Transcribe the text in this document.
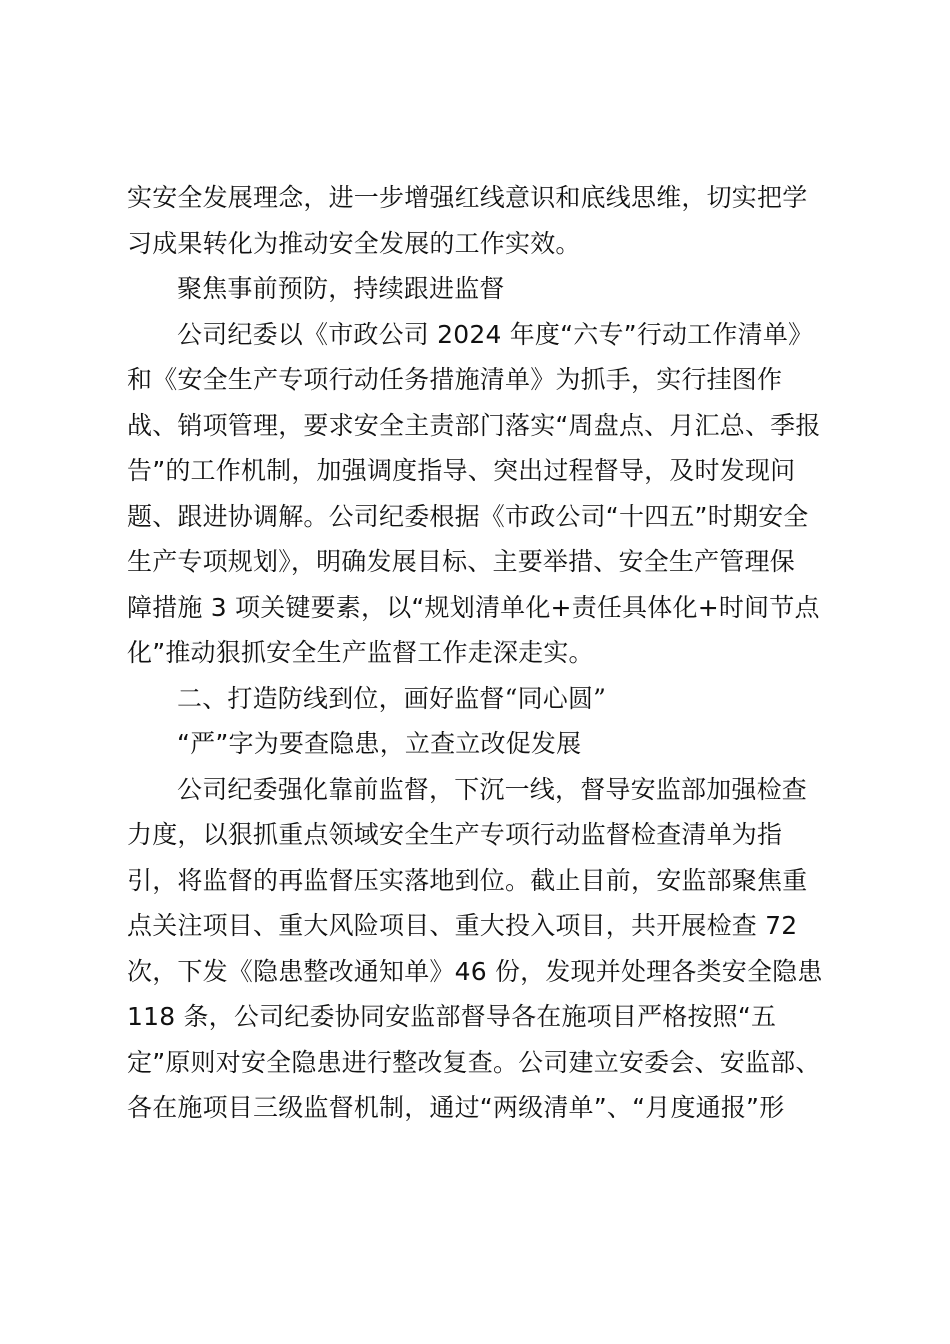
实安全发展理念，进一步增强红线意识和底线思维，切实把学
习成果转化为推动安全发展的工作实效。
聚焦事前预防，持续跟进监督
公司纪委以《市政公司 2024 年度“六专”行动工作清单》
和《安全生产专项行动任务措施清单》为抓手，实行挂图作
战、销项管理，要求安全主责部门落实“周盘点、月汇总、季报
告”的工作机制，加强调度指导、突出过程督导，及时发现问
题、跟进协调解。公司纪委根据《市政公司“十四五”时期安全
生产专项规划》，明确发展目标、主要举措、安全生产管理保
障措施 3 项关键要素，以“规划清单化+责任具体化+时间节点
化”推动狠抓安全生产监督工作走深走实。
二、打造防线到位，画好监督“同心圆”
“严”字为要查隐患，立查立改促发展
公司纪委强化靠前监督，下沉一线，督导安监部加强检查
力度，以狠抓重点领域安全生产专项行动监督检查清单为指
引，将监督的再监督压实落地到位。截止目前，安监部聚焦重
点关注项目、重大风险项目、重大投入项目，共开展检查 72
次，下发《隐患整改通知单》46 份，发现并处理各类安全隐患
118 条，公司纪委协同安监部督导各在施项目严格按照“五
定”原则对安全隐患进行整改复查。公司建立安委会、安监部、
各在施项目三级监督机制，通过“两级清单”、“月度通报”形
